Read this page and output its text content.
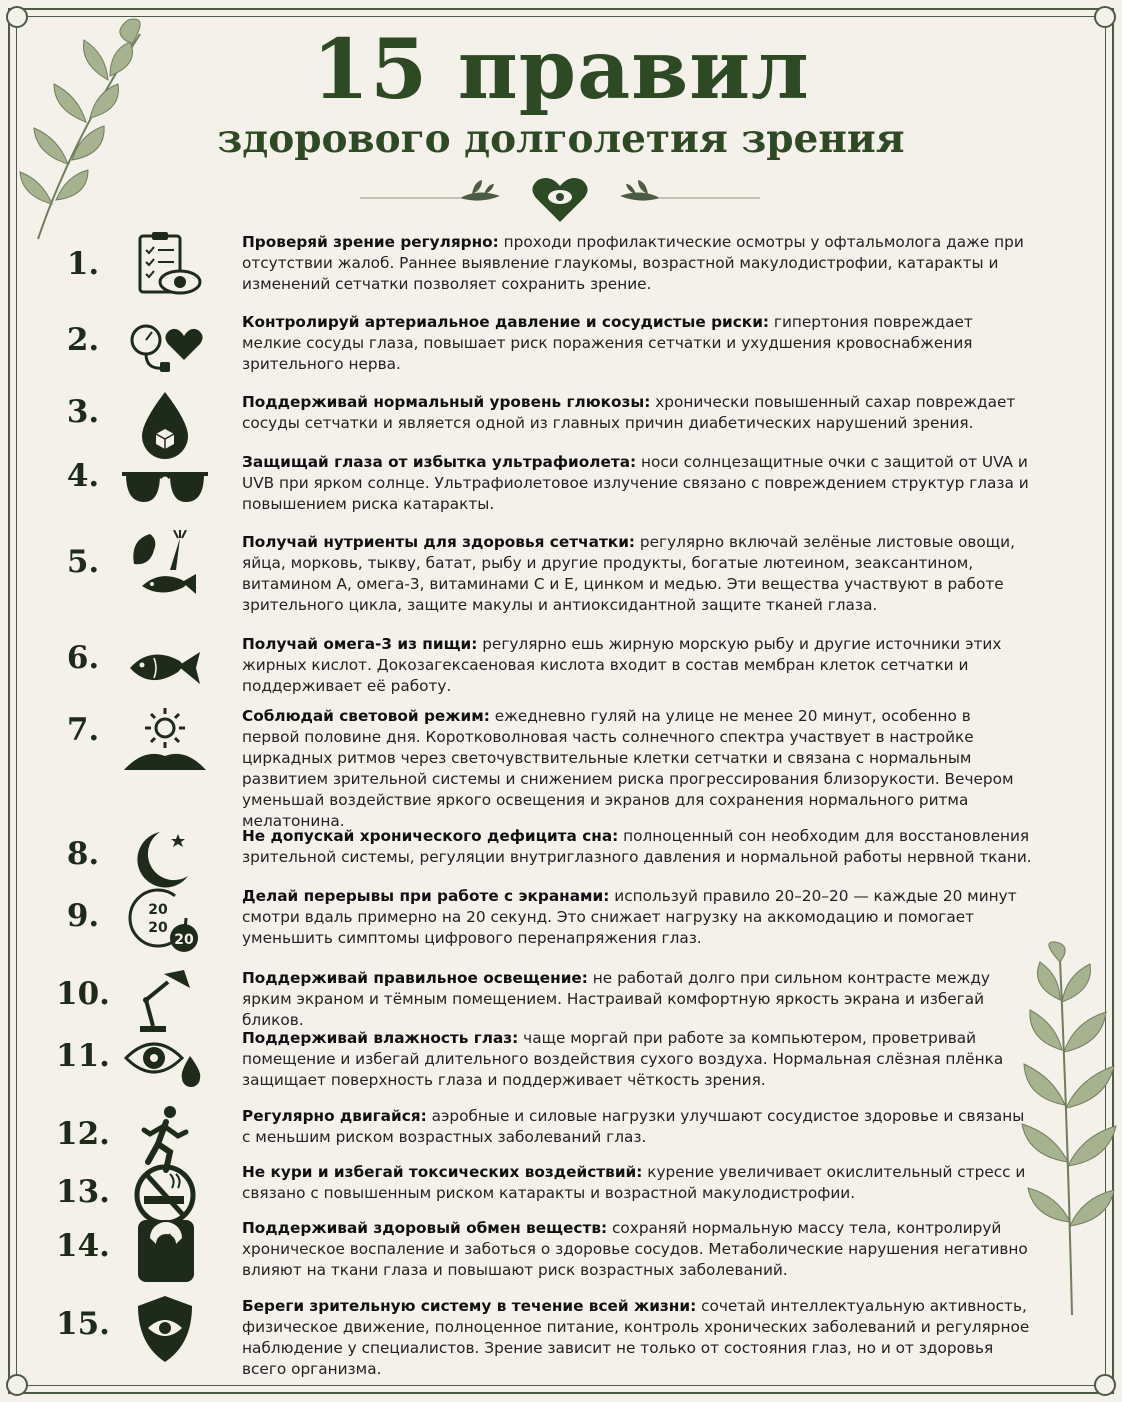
15 правил
здорового долголетия зрения
1.
Проверяй зрение регулярно: проходи профилактические осмотры у офтальмолога даже при отсутствии жалоб. Раннее выявление глаукомы, возрастной макулодистрофии, катаракты и изменений сетчатки позволяет сохранить зрение.
2.	Контролируй артериальное давление и сосудистые риски: гипертония повреждает мелкие сосуды глаза, повышает риск поражения сетчатки и ухудшения кровоснабжения зрительного нерва.
3.	Поддерживай нормальный уровень глюкозы: хронически повышенный сахар повреждает сосуды сетчатки и является одной из главных причин диабетических нарушений зрения.
4.	Защищай глаза от избытка ультрафиолета: носи солнцезащитные очки с защитой от UVA и UVB при ярком солнце. Ультрафиолетовое излучение связано с повреждением структур глаза и повышением риска катаракты.
5.
Получай нутриенты для здоровья сетчатки: регулярно включай зелёные листовые овощи, яйца, морковь, тыкву, батат, рыбу и другие продукты, богатые лютеином, зеаксантином, витамином А, омега-3, витаминами С и Е, цинком и медью. Эти вещества участвуют в работе зрительного цикла, защите макулы и антиоксидантной защите тканей глаза.
6.	Получай омега-3 из пищи: регулярно ешь жирную морскую рыбу и другие источники этих жирных кислот. Докозагексаеновая кислота входит в состав мембран клеток сетчатки и поддерживает её работу.
7.	Соблюдай световой режим: ежедневно гуляй на улице не менее 20 минут, особенно в первой половине дня. Коротковолновая часть солнечного спектра участвует в настройке циркадных ритмов через светочувствительные клетки сетчатки и связана с нормальным развитием зрительной системы и снижением риска прогрессирования близорукости. Вечером уменьшай воздействие яркого освещения и экранов для сохранения нормального ритма мелатонина.
8.	Не допускай хронического дефицита сна: полноценный сон необходим для восстановления зрительной системы, регуляции внутриглазного давления и нормальной работы нервной ткани.
9.	20
20
20
Делай перерывы при работе с экранами: используй правило 20–20–20 — каждые 20 минут смотри вдаль примерно на 20 секунд. Это снижает нагрузку на аккомодацию и помогает уменьшить симптомы цифрового перенапряжения глаз.
10.	Поддерживай правильное освещение: не работай долго при сильном контрасте между ярким экраном и тёмным помещением. Настраивай комфортную яркость экрана и избегай бликов.
11.	Поддерживай влажность глаз: чаще моргай при работе за компьютером, проветривай помещение и избегай длительного воздействия сухого воздуха. Нормальная слёзная плёнка защищает поверхность глаза и поддерживает чёткость зрения.
12.	Регулярно двигайся: аэробные и силовые нагрузки улучшают сосудистое здоровье и связаны с меньшим риском возрастных заболеваний глаз.
13.
Не кури и избегай токсических воздействий: курение увеличивает окислительный стресс и связано с повышенным риском катаракты и возрастной макулодистрофии.
14.	Поддерживай здоровый обмен веществ: сохраняй нормальную массу тела, контролируй хроническое воспаление и заботься о здоровье сосудов. Метаболические нарушения негативно влияют на ткани глаза и повышают риск возрастных заболеваний.
15.	Береги зрительную систему в течение всей жизни: сочетай интеллектуальную активность, физическое движение, полноценное питание, контроль хронических заболеваний и регулярное наблюдение у специалистов. Зрение зависит не только от состояния глаз, но и от здоровья всего организма.
